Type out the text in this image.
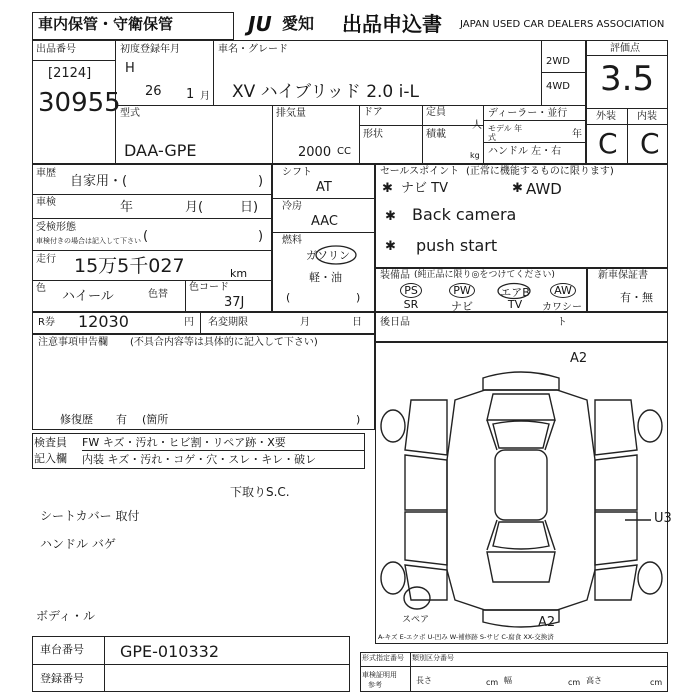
車内保管・守衛保管	JU 愛知 出品申込書 JAPAN USED CAR DEALERS ASSOCIATION
出品番号
[2124]
30955
初度登録年月
H
26 1 月
車名・グレード
XV ハイブリッド 2.0 i-L
2WD
4WD
評価点
3.5
外装 内装
C C
型式
DAA-GPE
排気量
2000 CC
ドア	定員
人
形状	積載
kg
ディーラー・並行
モデル 年式	年
ハンドル 左・右
車歴
自家用・(	)
車検	年	月(	日)
受検形態
車検付きの場合は記入して下さい (	)
走行 15万5千027	km
色
ハイール	色替
色コード
37J
シフト
AT
冷房
AAC
燃料
ガソリン
軽・油
(	)
セールスポイント (正常に機能するものに限ります)
✱ ナビ TV	✱ AWD
✱ Back camera
✱ push start
装備品 (純正品に限り◎をつけてください)
PS	PW	エアB	AW
SR	ナビ	TV	カワシート
新車保証書
有・無
R券 12030	円 名変期限	月	日 後日品
注意事項申告欄 (不具合内容等は具体的に記入して下さい)
修復歴 有 (箇所	)
検査員
記入欄
FW キズ・汚れ・ヒビ割・リペア跡・X要
内装 キズ・汚れ・コゲ・穴・スレ・キレ・破レ
下取りS.C.
シートカバー 取付
ハンドル バゲ
ボディ・ル
A2
A2
U3
スペア
A-キズ E-エクボ U-凹み W-補修跡 S-サビ C-腐食 XX-交換済
車台番号 GPE-010332
登録番号
形式指定番号 類別区分番号
車検証明用
参考	長さ	cm 幅	cm 高さ	cm
